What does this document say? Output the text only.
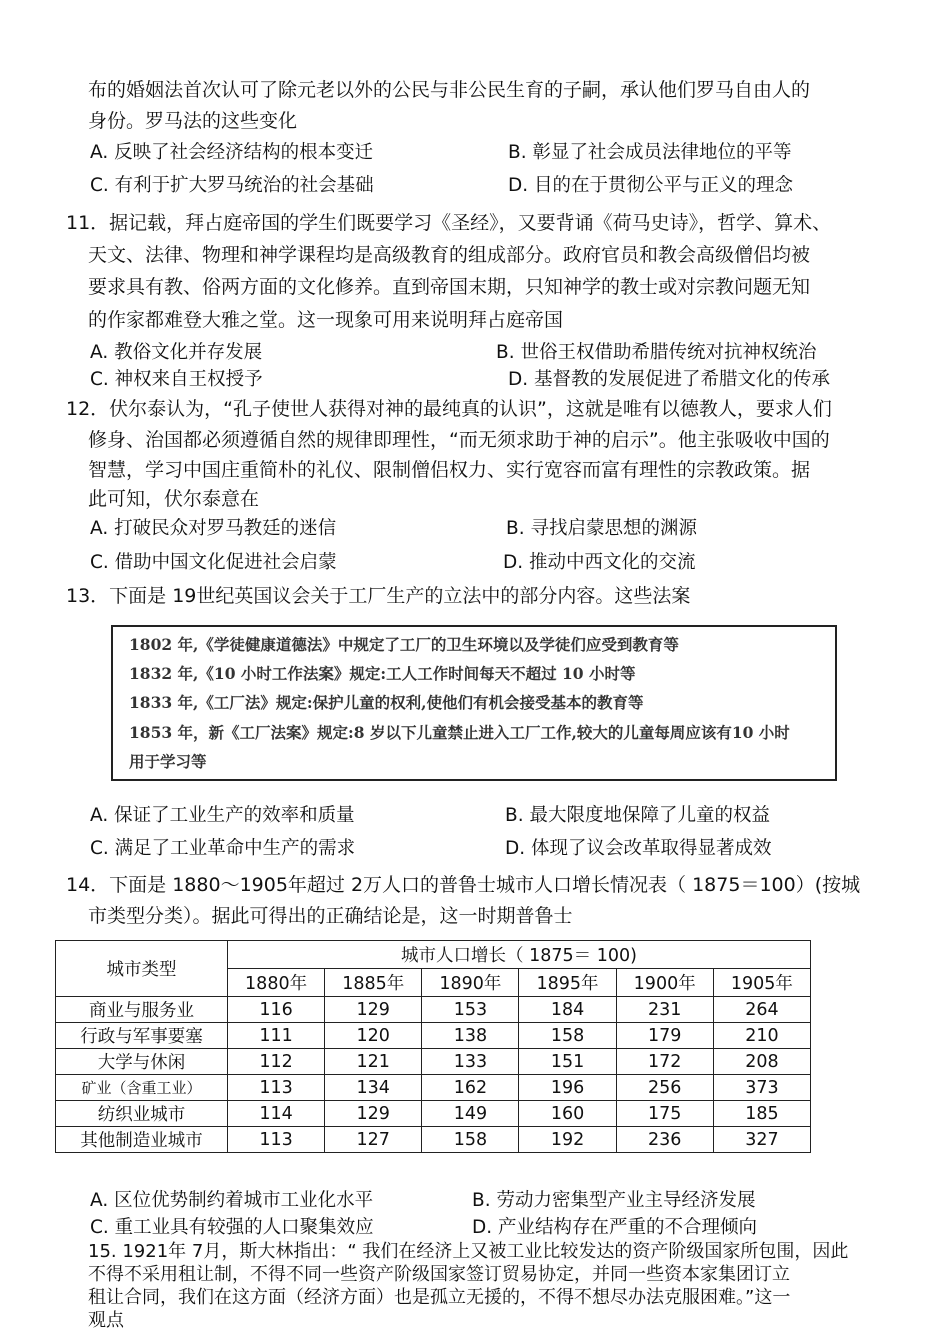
布的婚姻法首次认可了除元老以外的公民与非公民生育的子嗣，承认他们罗马自由人的
身份。罗马法的这些变化
A. 反映了社会经济结构的根本变迁	B. 彰显了社会成员法律地位的平等
C. 有利于扩大罗马统治的社会基础	D. 目的在于贯彻公平与正义的理念
11．据记载，拜占庭帝国的学生们既要学习《圣经》，又要背诵《荷马史诗》，哲学、算术、
天文、法律、物理和神学课程均是高级教育的组成部分。政府官员和教会高级僧侣均被
要求具有教、俗两方面的文化修养。直到帝国末期，只知神学的教士或对宗教问题无知
的作家都难登大雅之堂。这一现象可用来说明拜占庭帝国
A. 教俗文化并存发展	B. 世俗王权借助希腊传统对抗神权统治
C. 神权来自王权授予	D. 基督教的发展促进了希腊文化的传承
12．伏尔泰认为，“孔子使世人获得对神的最纯真的认识”，这就是唯有以德教人，要求人们
修身、治国都必须遵循自然的规律即理性，“而无须求助于神的启示”。他主张吸收中国的
智慧，学习中国庄重简朴的礼仪、限制僧侣权力、实行宽容而富有理性的宗教政策。据
此可知，伏尔泰意在
A. 打破民众对罗马教廷的迷信	B. 寻找启蒙思想的渊源
C. 借助中国文化促进社会启蒙	D. 推动中西文化的交流
13．下面是 19世纪英国议会关于工厂生产的立法中的部分内容。这些法案
1802 年,《学徒健康道德法》中规定了工厂的卫生环境以及学徒们应受到教育等
1832 年,《10 小时工作法案》规定:工人工作时间每天不超过 10 小时等
1833 年,《工厂法》规定:保护儿童的权利,使他们有机会接受基本的教育等
1853 年，新《工厂法案》规定:8 岁以下儿童禁止进入工厂工作,较大的儿童每周应该有10 小时
用于学习等
A. 保证了工业生产的效率和质量	B. 最大限度地保障了儿童的权益
C. 满足了工业革命中生产的需求	D. 体现了议会改革取得显著成效
14．下面是 1880～1905年超过 2万人口的普鲁士城市人口增长情况表（ 1875＝100）(按城
市类型分类）。据此可得出的正确结论是，这一时期普鲁士
城市类型	城市人口增长（ 1875＝ 100)					
	1880年	1885年	1890年	1895年	1900年	1905年
商业与服务业	116	129	153	184	231	264
行政与军事要塞	111	120	138	158	179	210
大学与休闲	112	121	133	151	172	208
矿业（含重工业）	113	134	162	196	256	373
纺织业城市	114	129	149	160	175	185
其他制造业城市	113	127	158	192	236	327
A. 区位优势制约着城市工业化水平	B. 劳动力密集型产业主导经济发展
C. 重工业具有较强的人口聚集效应	D. 产业结构存在严重的不合理倾向
15. 1921年 7月，斯大林指出：“ 我们在经济上又被工业比较发达的资产阶级国家所包围，因此
不得不采用租让制，不得不同一些资产阶级国家签订贸易协定，并同一些资本家集团订立
租让合同，我们在这方面（经济方面）也是孤立无援的，不得不想尽办法克服困难。”这一
观点
